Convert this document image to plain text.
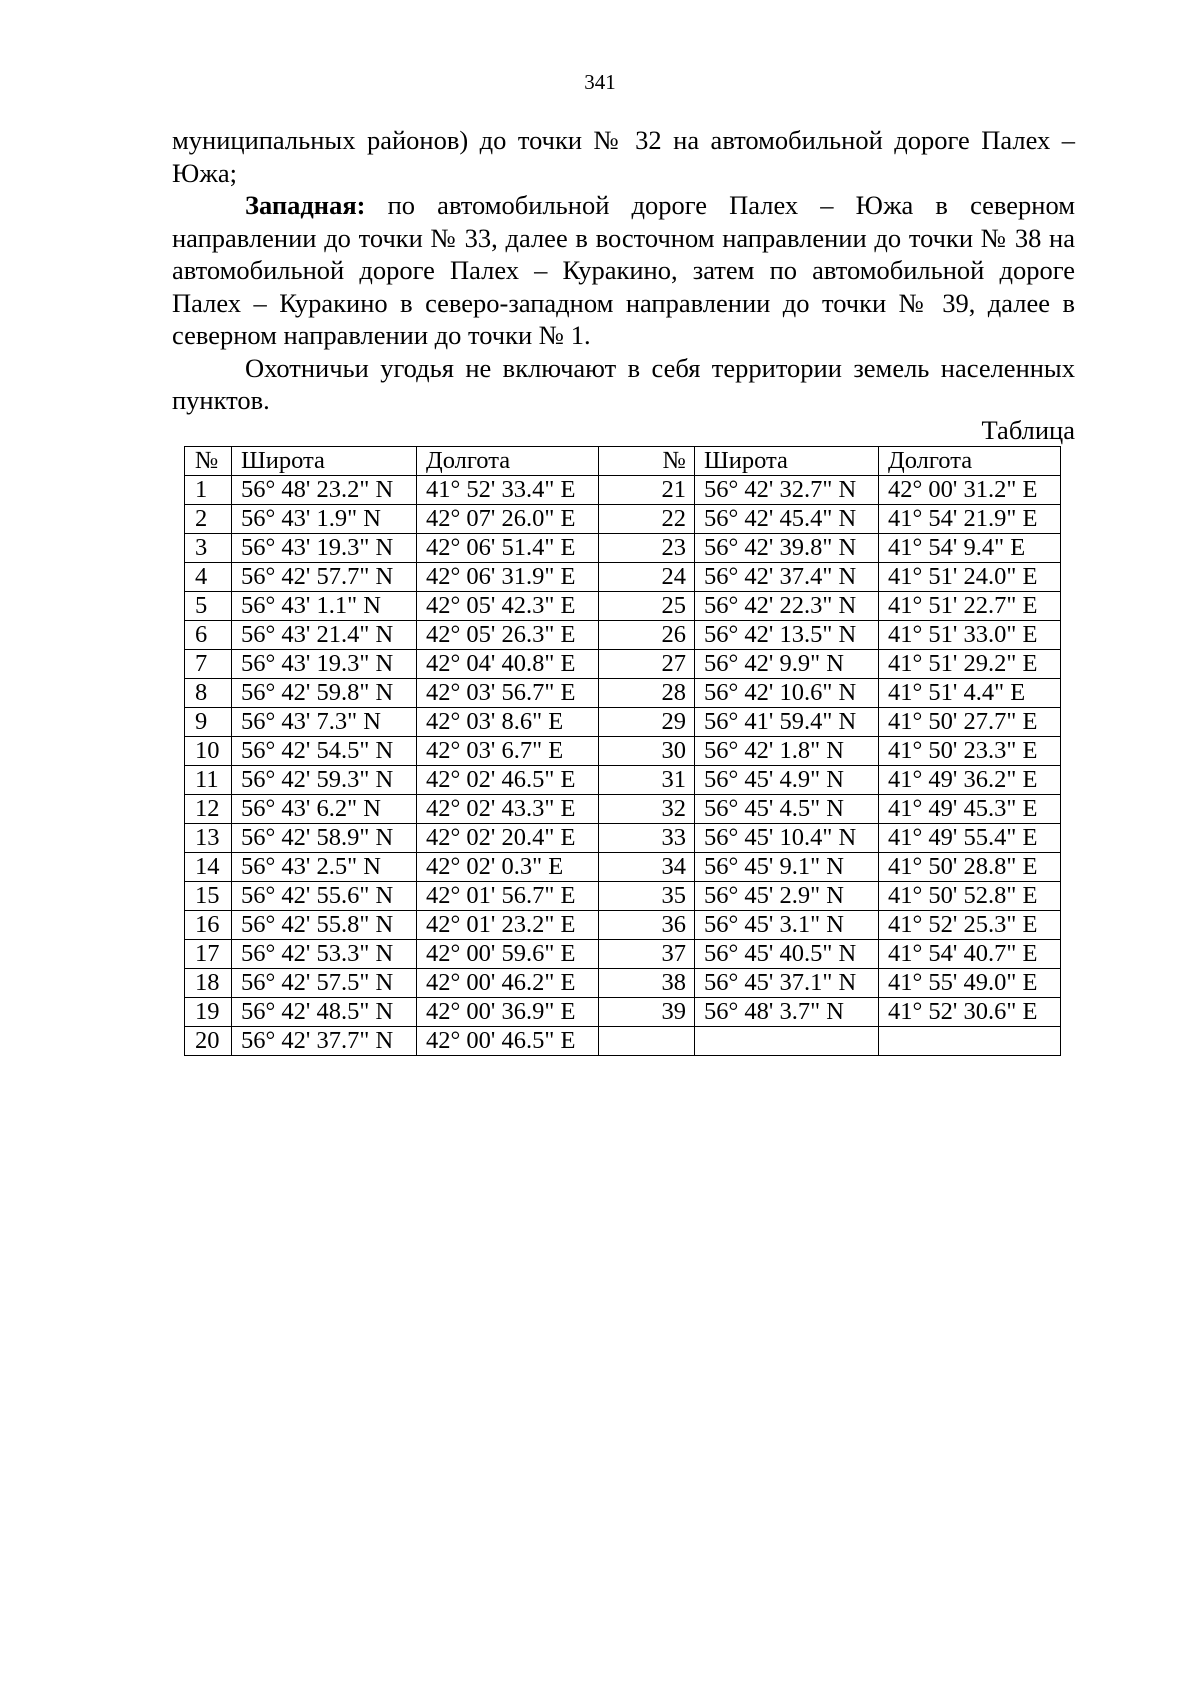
341

муниципальных районов) до точки № 32 на автомобильной дороге Палех – Южа;

Западная: по автомобильной дороге Палех – Южа в северном направлении до точки № 33, далее в восточном направлении до точки № 38 на автомобильной дороге Палех – Куракино, затем по автомобильной дороге Палех – Куракино в северо-западном направлении до точки № 39, далее в северном направлении до точки № 1.

Охотничьи угодья не включают в себя территории земель населенных пунктов.

Таблица
№	Широта	Долгота	№	Широта	Долгота
1	56° 48' 23.2" N	41° 52' 33.4" E	21	56° 42' 32.7" N	42° 00' 31.2" E
2	56° 43' 1.9" N	42° 07' 26.0" E	22	56° 42' 45.4" N	41° 54' 21.9" E
3	56° 43' 19.3" N	42° 06' 51.4" E	23	56° 42' 39.8" N	41° 54' 9.4" E
4	56° 42' 57.7" N	42° 06' 31.9" E	24	56° 42' 37.4" N	41° 51' 24.0" E
5	56° 43' 1.1" N	42° 05' 42.3" E	25	56° 42' 22.3" N	41° 51' 22.7" E
6	56° 43' 21.4" N	42° 05' 26.3" E	26	56° 42' 13.5" N	41° 51' 33.0" E
7	56° 43' 19.3" N	42° 04' 40.8" E	27	56° 42' 9.9" N	41° 51' 29.2" E
8	56° 42' 59.8" N	42° 03' 56.7" E	28	56° 42' 10.6" N	41° 51' 4.4" E
9	56° 43' 7.3" N	42° 03' 8.6" E	29	56° 41' 59.4" N	41° 50' 27.7" E
10	56° 42' 54.5" N	42° 03' 6.7" E	30	56° 42' 1.8" N	41° 50' 23.3" E
11	56° 42' 59.3" N	42° 02' 46.5" E	31	56° 45' 4.9" N	41° 49' 36.2" E
12	56° 43' 6.2" N	42° 02' 43.3" E	32	56° 45' 4.5" N	41° 49' 45.3" E
13	56° 42' 58.9" N	42° 02' 20.4" E	33	56° 45' 10.4" N	41° 49' 55.4" E
14	56° 43' 2.5" N	42° 02' 0.3" E	34	56° 45' 9.1" N	41° 50' 28.8" E
15	56° 42' 55.6" N	42° 01' 56.7" E	35	56° 45' 2.9" N	41° 50' 52.8" E
16	56° 42' 55.8" N	42° 01' 23.2" E	36	56° 45' 3.1" N	41° 52' 25.3" E
17	56° 42' 53.3" N	42° 00' 59.6" E	37	56° 45' 40.5" N	41° 54' 40.7" E
18	56° 42' 57.5" N	42° 00' 46.2" E	38	56° 45' 37.1" N	41° 55' 49.0" E
19	56° 42' 48.5" N	42° 00' 36.9" E	39	56° 48' 3.7" N	41° 52' 30.6" E
20	56° 42' 37.7" N	42° 00' 46.5" E			
